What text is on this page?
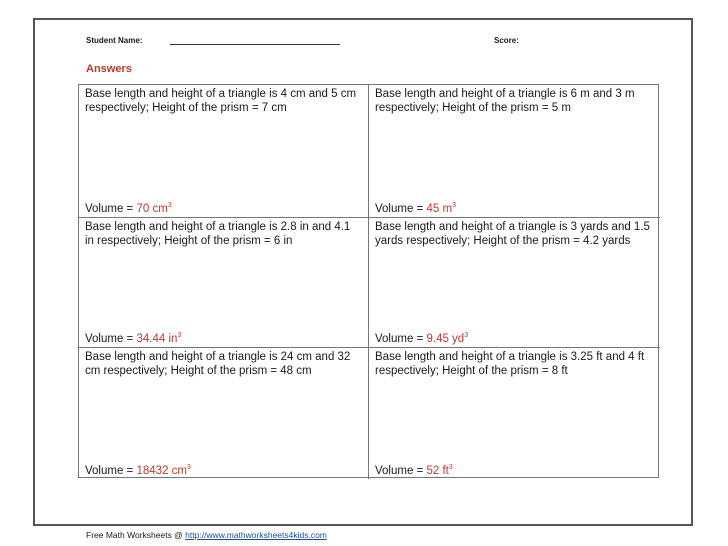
Student Name:	Score:
Answers

Base length and height of a triangle is 4 cm and 5 cm respectively; Height of the prism = 7 cm

Volume = 70 $cm^3$

Base length and height of a triangle is 6 m and 3 m respectively; Height of the prism = 5 m

Volume = 45 $m^3$

Base length and height of a triangle is 2.8 in and 4.1 in respectively; Height of the prism = 6 in

Volume = 34.44 $in^3$

Base length and height of a triangle is 3 yards and 1.5 yards respectively; Height of the prism = 4.2 yards

Volume = 9.45 $yd^3$

Base length and height of a triangle is 24 cm and 32 cm respectively; Height of the prism = 48 cm

Volume = 18432 $cm^3$

Base length and height of a triangle is 3.25 ft and 4 ft respectively; Height of the prism = 8 ft

Volume = 52 $ft^3$
Free Math Worksheets @ http://www.mathworksheets4kids.com
